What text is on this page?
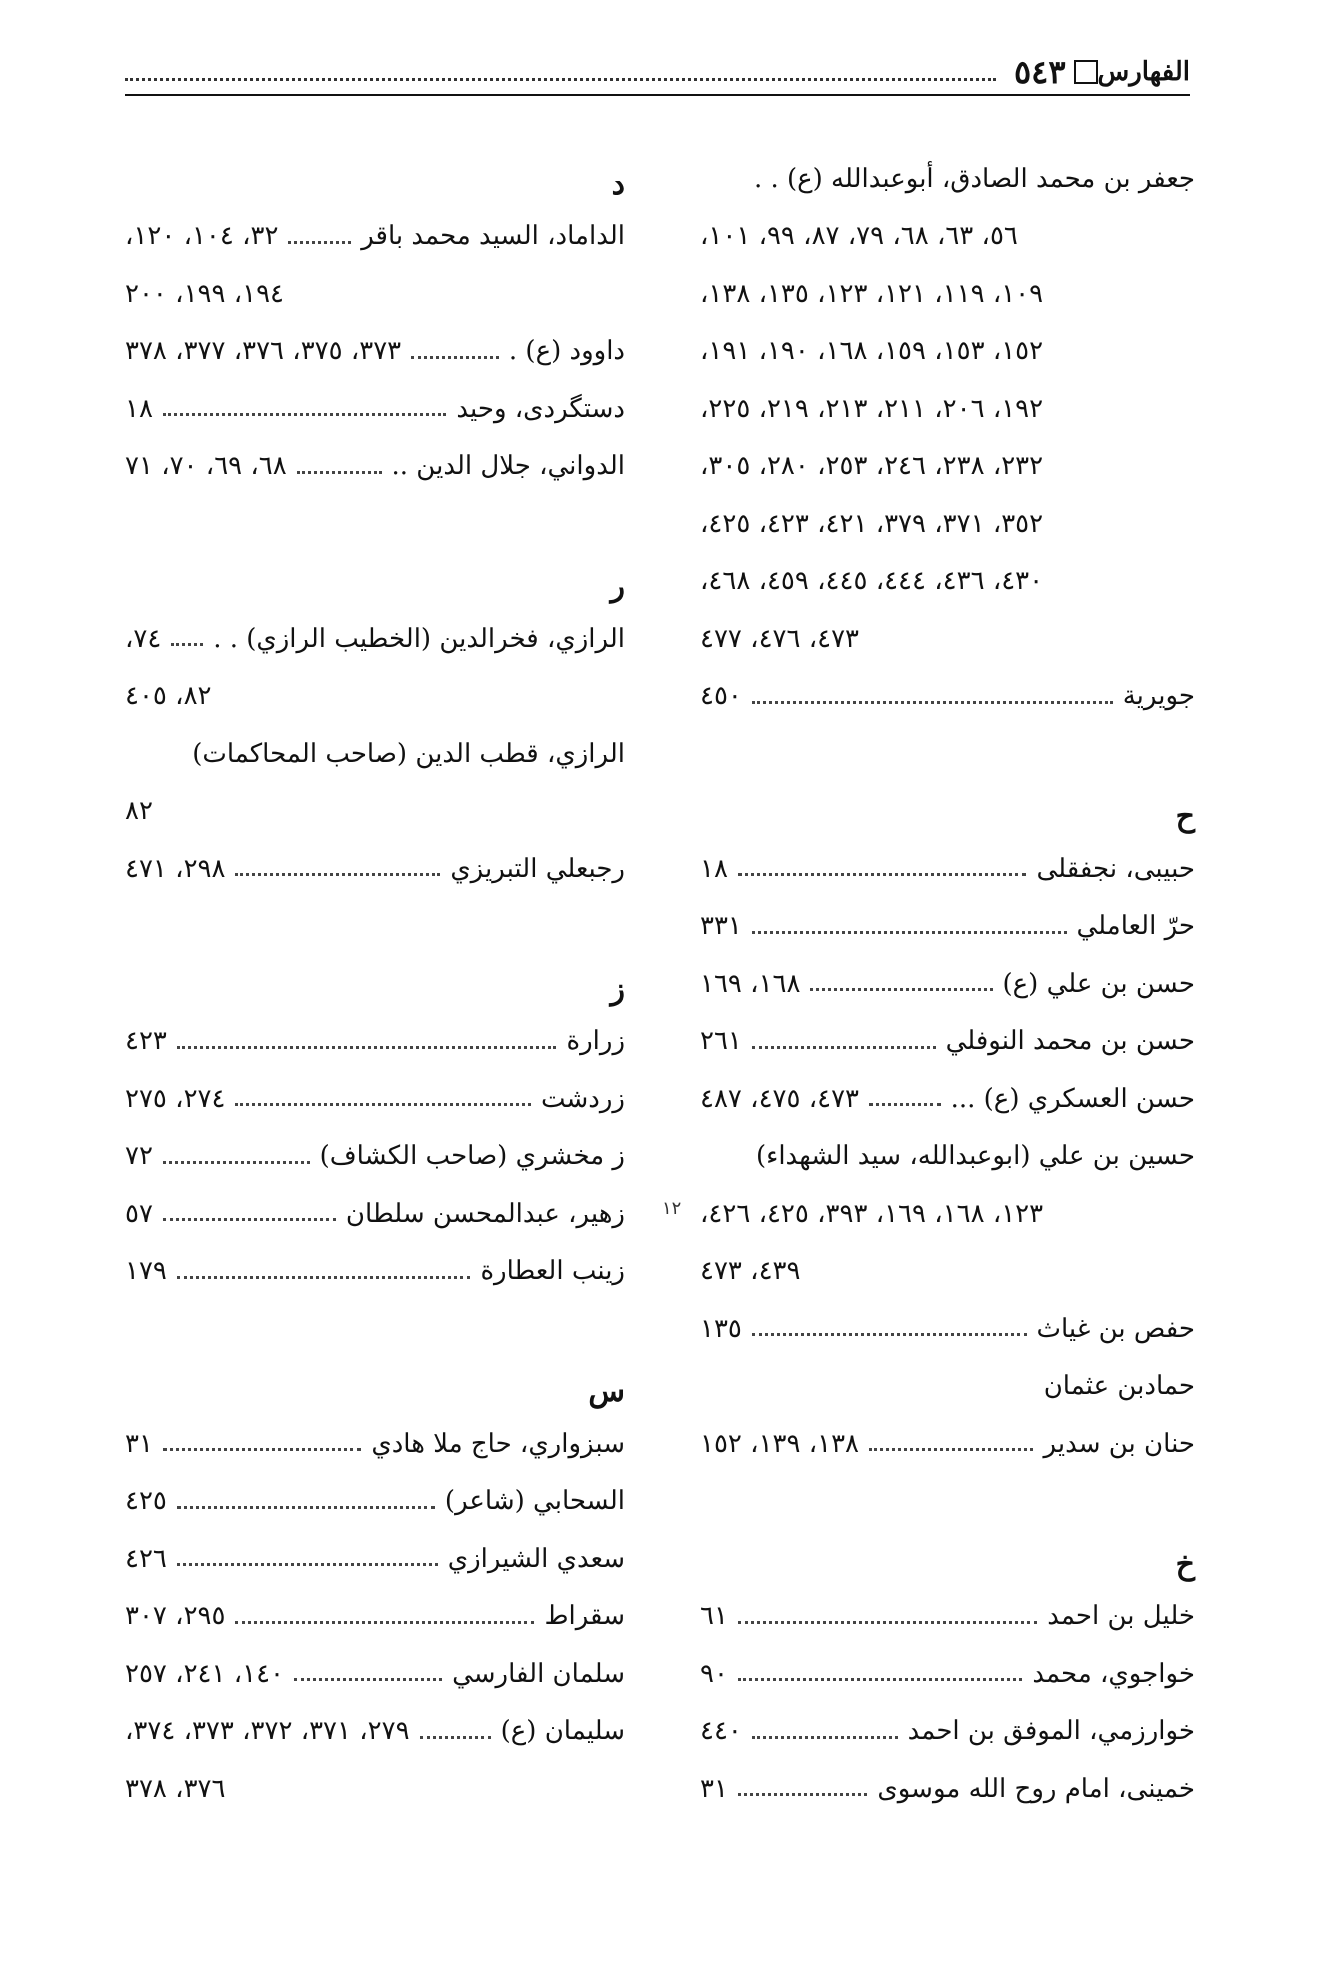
الفهارس
٥٤٣
جعفر بن محمد الصادق، أبوعبدالله (ع) . .
٥٦، ٦٣، ٦٨، ٧٩، ٨٧، ٩٩، ١٠١،
١٠٩، ١١٩، ١٢١، ١٢٣، ١٣٥، ١٣٨،
١٥٢، ١٥٣، ١٥٩، ١٦٨، ١٩٠، ١٩١،
١٩٢، ٢٠٦، ٢١١، ٢١٣، ٢١٩، ٢٢٥،
٢٣٢، ٢٣٨، ٢٤٦، ٢٥٣، ٢٨٠، ٣٠٥،
٣٥٢، ٣٧١، ٣٧٩، ٤٢١، ٤٢٣، ٤٢٥،
٤٣٠، ٤٣٦، ٤٤٤، ٤٤٥، ٤٥٩، ٤٦٨،
٤٧٣، ٤٧٦، ٤٧٧
جويرية
٤٥٠
ح
حبيبى، نجفقلى
١٨
حرّ العاملي
٣٣١
حسن بن علي (ع)
١٦٨، ١٦٩
حسن بن محمد النوفلي
٢٦١
حسن العسكري (ع) ...
٤٧٣، ٤٧٥، ٤٨٧
حسين بن علي (ابوعبدالله، سيد الشهداء)
١٢٣، ١٦٨، ١٦٩، ٣٩٣، ٤٢٥، ٤٢٦،
٤٣٩، ٤٧٣
حفص بن غياث
١٣٥
حمادبن عثمان
حنان بن سدير
١٣٨، ١٣٩، ١٥٢
خ
خليل بن احمد
٦١
خواجوي، محمد
٩٠
خوارزمي، الموفق بن احمد
٤٤٠
خمينى، امام روح الله موسوى
٣١
د
الداماد، السيد محمد باقر
٣٢، ١٠٤، ١٢٠،
١٩٤، ١٩٩، ٢٠٠
داوود (ع) .
٣٧٣، ٣٧٥، ٣٧٦، ٣٧٧، ٣٧٨
دستگردى، وحيد
١٨
الدواني، جلال الدين ..
٦٨، ٦٩، ٧٠، ٧١
ر
الرازي، فخرالدين (الخطيب الرازي) . .
٧٤،
٨٢، ٤٠٥
الرازي، قطب الدين (صاحب المحاكمات)
٨٢
رجبعلي التبريزي
٢٩٨، ٤٧١
ز
زرارة
٤٢٣
زردشت
٢٧٤، ٢٧٥
ز مخشري (صاحب الكشاف)
٧٢
زهير، عبدالمحسن سلطان
٥٧
زينب العطارة
١٧٩
س
سبزواري، حاج ملا هادي
٣١
السحابي (شاعر)
٤٢٥
سعدي الشيرازي
٤٢٦
سقراط
٢٩٥، ٣٠٧
سلمان الفارسي
١٤٠، ٢٤١، ٢٥٧
سليمان (ع)
٢٧٩، ٣٧١، ٣٧٢، ٣٧٣، ٣٧٤،
٣٧٦، ٣٧٨
١٢
